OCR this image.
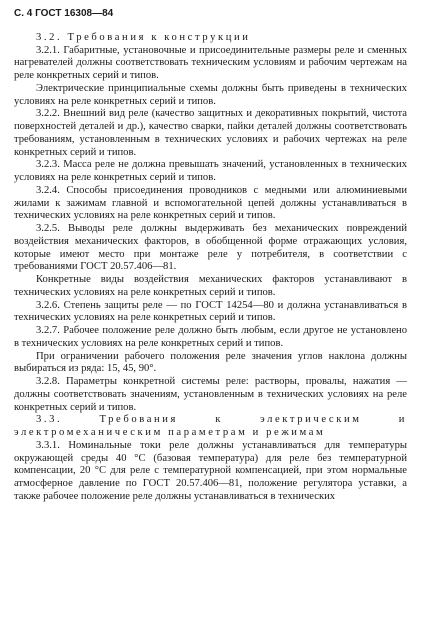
С. 4 ГОСТ 16308—84

3.2. Требования к конструкции

3.2.1. Габаритные, установочные и присоединительные размеры реле и сменных нагревателей должны соответствовать техническим условиям и рабочим чертежам на реле конкретных серий и типов.

Электрические принципиальные схемы должны быть приведены в технических условиях на реле конкретных серий и типов.

3.2.2. Внешний вид реле (качество защитных и декоративных покрытий, чистота поверхностей деталей и др.), качество сварки, пайки деталей должны соответствовать требованиям, установленным в технических условиях и рабочих чертежах на реле конкретных серий и типов.

3.2.3. Масса реле не должна превышать значений, установленных в технических условиях на реле конкретных серий и типов.

3.2.4. Способы присоединения проводников с медными или алюминиевыми жилами к зажимам главной и вспомогательной цепей должны устанавливаться в технических условиях на реле конкретных серий и типов.

3.2.5. Выводы реле должны выдерживать без механических повреждений воздействия механических факторов, в обобщенной форме отражающих условия, которые имеют место при монтаже реле у потребителя, в соответствии с требованиями ГОСТ 20.57.406—81.

Конкретные виды воздействия механических факторов устанавливают в технических условиях на реле конкретных серий и типов.

3.2.6. Степень защиты реле — по ГОСТ 14254—80 и должна устанавливаться в технических условиях на реле конкретных серий и типов.

3.2.7. Рабочее положение реле должно быть любым, если другое не установлено в технических условиях на реле конкретных серий и типов.

При ограничении рабочего положения реле значения углов наклона должны выбираться из ряда: 15, 45, 90°.

3.2.8. Параметры конкретной системы реле: растворы, провалы, нажатия — должны соответствовать значениям, установленным в технических условиях на реле конкретных серий и типов.

3.3. Требования к электрическим и электромеханическим параметрам и режимам

3.3.1. Номинальные токи реле должны устанавливаться для температуры окружающей среды 40 °С (базовая температура) для реле без температурной компенсации, 20 °С для реле с температурной компенсацией, при этом нормальные атмосферное давление по ГОСТ 20.57.406—81, положение регулятора уставки, а также рабочее положение реле должны устанавливаться в технических
